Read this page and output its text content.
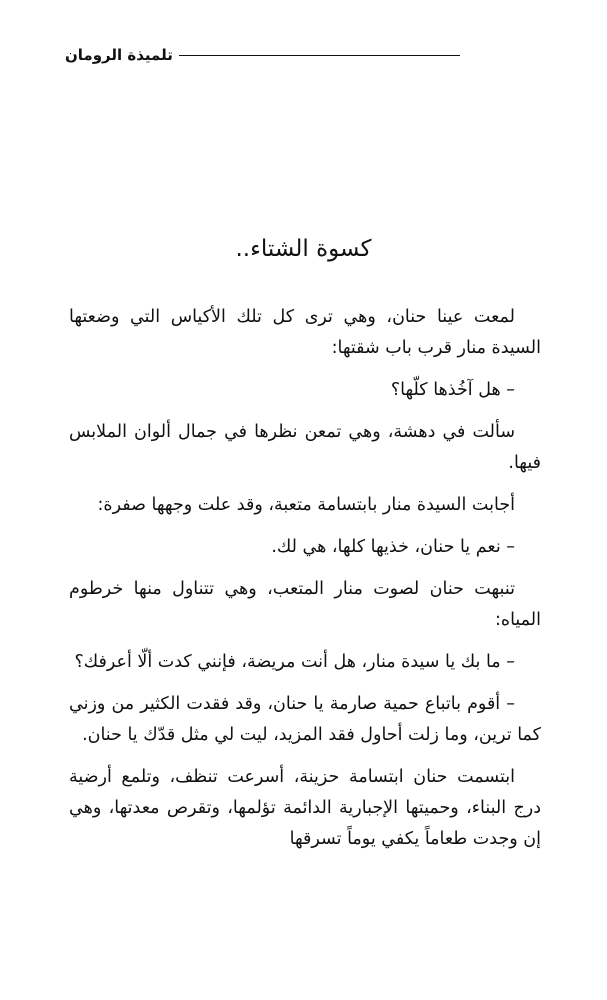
تلميذة الرومان
كسوة الشتاء..

لمعت عينا حنان، وهي ترى كل تلك الأكياس التي وضعتها السيدة منار قرب باب شقتها:

– هل آخُذها كلّها؟

سألت في دهشة، وهي تمعن نظرها في جمال ألوان الملابس فيها.

أجابت السيدة منار بابتسامة متعبة، وقد علت وجهها صفرة:

– نعم يا حنان، خذيها كلها، هي لك.

تنبهت حنان لصوت منار المتعب، وهي تتناول منها خرطوم المياه:

– ما بك يا سيدة منار، هل أنت مريضة، فإنني كدت ألّا أعرفك؟

– أقوم باتباع حمية صارمة يا حنان، وقد فقدت الكثير من وزني كما ترين، وما زلت أحاول فقد المزيد، ليت لي مثل قدّك يا حنان.

ابتسمت حنان ابتسامة حزينة، أسرعت تنظف، وتلمع أرضية درج البناء، وحميتها الإجبارية الدائمة تؤلمها، وتقرص معدتها، وهي إن وجدت طعاماً يكفي يوماً تسرقها
